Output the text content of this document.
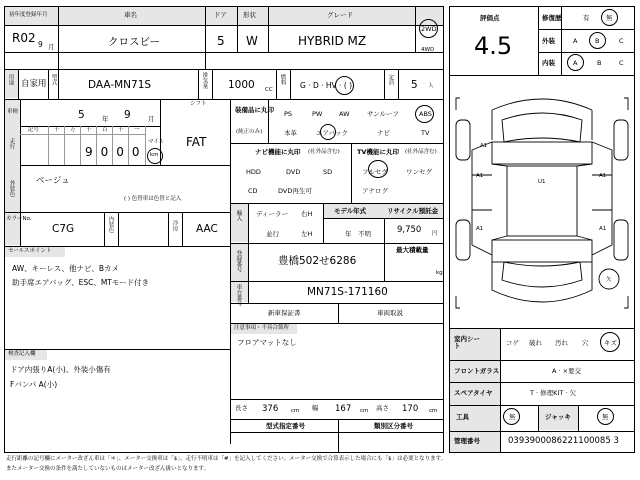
初年度登録年月	車名	ドア 形状	グレード
R02 9 月	クロスビー	5 W	HYBRID MZ
2WD
4WD
用途 自家用 型式	DAA-MN71S	排気量 1000 CC
燃料
G · D · HV · ( )
定員 5 人
車検	5	年 9	月
シフト
FAT
走行
記号	十 万 千 百 十 一
9000
マイル
km
外装色	ベージュ
( ) 色替車は色替と記入
カラーNo.
C7G	内装色	冷房 AAC
セールスポイント
AW、キーレス、他ナビ、Bカメ
助手席エアバッグ、ESC、MTモード付き
検査記入欄
ドア内張りA(小)、外装小傷有
Fバンパ A(小)
装備品に丸印
(純正のみ)
PS	PW	AW	サンルーフ	ABS
本革	エアバック	ナビ	TV
ナビ機能に丸印 (社外品含む)
HDD	DVD	SD
CD	DVD再生可
TV機能に丸印 (社外品含む)
フルセグ	ワンセグ
アナログ
輸入 ディーラー
並行
右H
左H
モデル年式
年　不明
リサイクル預託金
9,750 円
登録番号	豊橋502せ6286
最大積載量
kg
車台番号	MN71S-171160
新車保証書	車両取説
注意事項・不具合箇所
フロアマットなし
長さ 376 cm 幅 167 cm 高さ 170 cm
型式指定番号	類別区分番号
評価点
4.5
修復歴	有	無
外装	A	B	C
内装	A	B	C
A1
A1	A1
U1
A1	A1
矢
室内シート	コゲ 破れ 汚れ 穴 キズ
フロントガラス	A · ×要交
スペアタイヤ	T · 修理KIT · 欠
工具	無	ジャッキ	無
管理番号	0393900086221100085 3
走行距離の記号欄にメーター改ざん車は「＊」、メーター交換車は「$」、走行不明車は「#」を記入してください。メーター交換で合算表示した場合にも「$」は必要となります。
またメーター交換の条件を満たしていないものはメーター改ざん扱いとなります。
